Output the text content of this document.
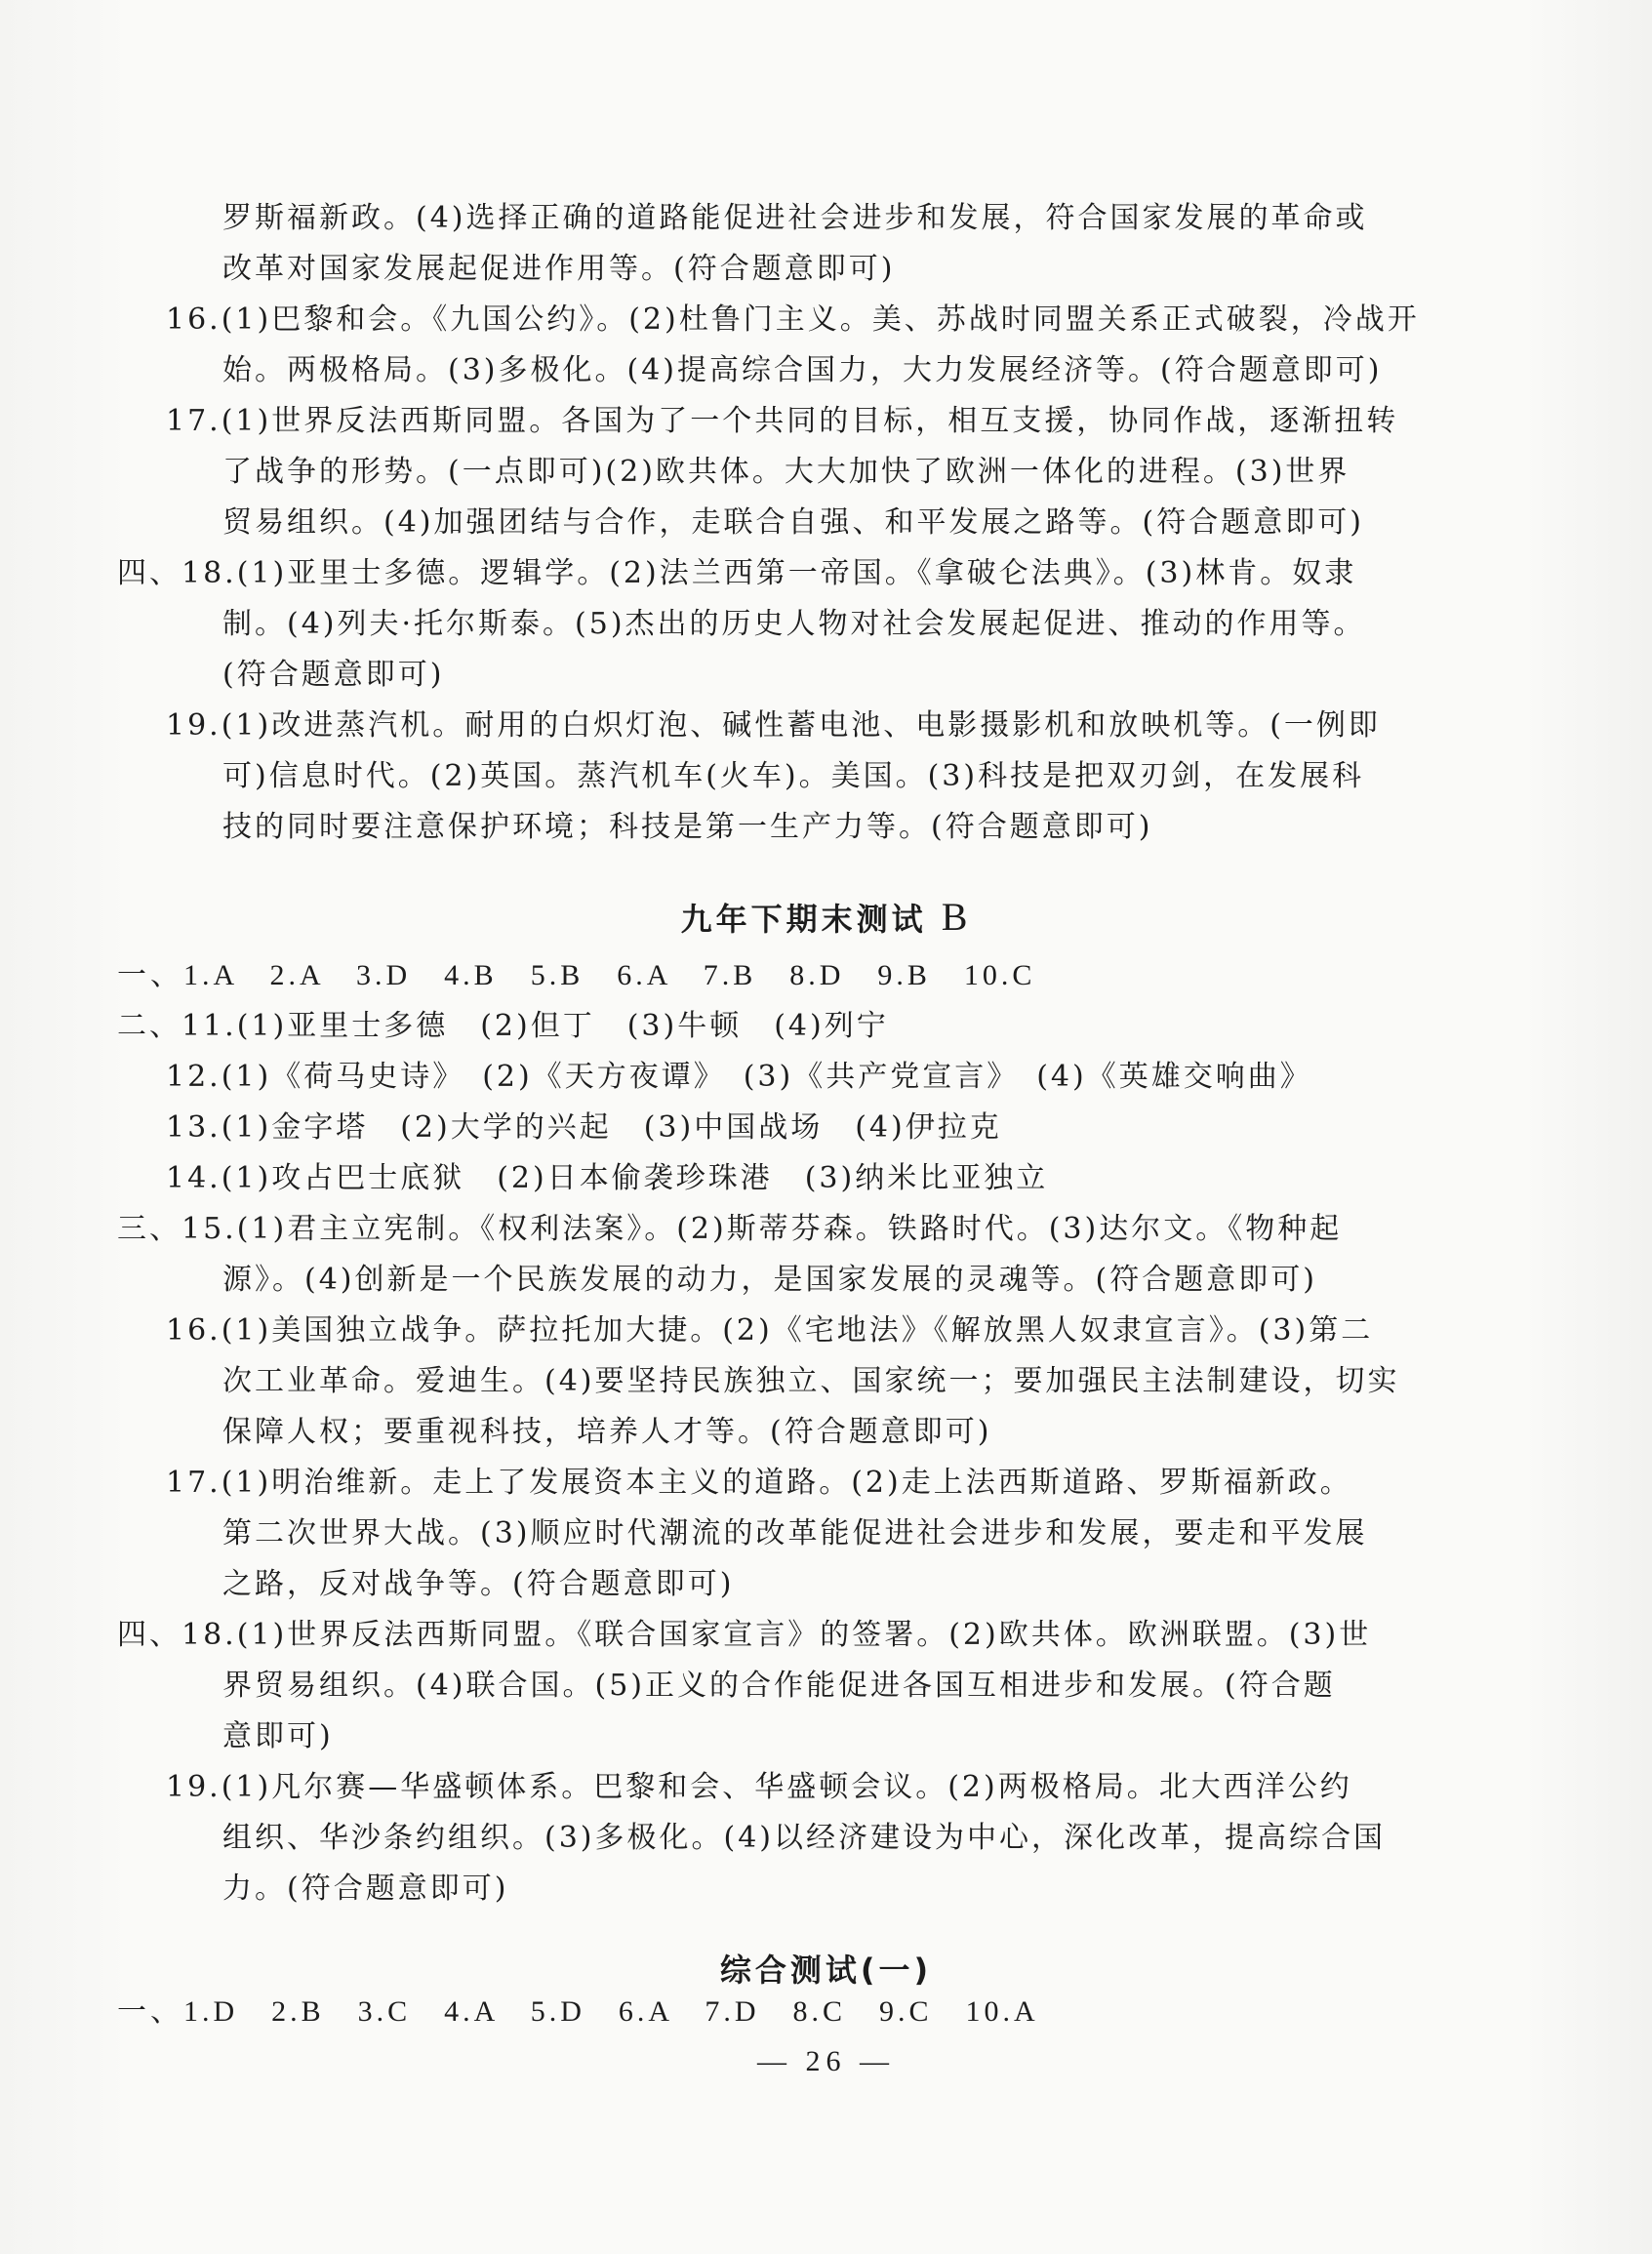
罗斯福新政。(4)选择正确的道路能促进社会进步和发展，符合国家发展的革命或
改革对国家发展起促进作用等。(符合题意即可)
16.(1)巴黎和会。《九国公约》。(2)杜鲁门主义。美、苏战时同盟关系正式破裂，冷战开
始。两极格局。(3)多极化。(4)提高综合国力，大力发展经济等。(符合题意即可)
17.(1)世界反法西斯同盟。各国为了一个共同的目标，相互支援，协同作战，逐渐扭转
了战争的形势。(一点即可)(2)欧共体。大大加快了欧洲一体化的进程。(3)世界
贸易组织。(4)加强团结与合作，走联合自强、和平发展之路等。(符合题意即可)
四、18.(1)亚里士多德。逻辑学。(2)法兰西第一帝国。《拿破仑法典》。(3)林肯。奴隶
制。(4)列夫·托尔斯泰。(5)杰出的历史人物对社会发展起促进、推动的作用等。
(符合题意即可)
19.(1)改进蒸汽机。耐用的白炽灯泡、碱性蓄电池、电影摄影机和放映机等。(一例即
可)信息时代。(2)英国。蒸汽机车(火车)。美国。(3)科技是把双刃剑，在发展科
技的同时要注意保护环境；科技是第一生产力等。(符合题意即可)
九年下期末测试 B
一、1.A　2.A　3.D　4.B　5.B　6.A　7.B　8.D　9.B　10.C
二、11.(1)亚里士多德　(2)但丁　(3)牛顿　(4)列宁
12.(1)《荷马史诗》　(2)《天方夜谭》　(3)《共产党宣言》　(4)《英雄交响曲》
13.(1)金字塔　(2)大学的兴起　(3)中国战场　(4)伊拉克
14.(1)攻占巴士底狱　(2)日本偷袭珍珠港　(3)纳米比亚独立
三、15.(1)君主立宪制。《权利法案》。(2)斯蒂芬森。铁路时代。(3)达尔文。《物种起
源》。(4)创新是一个民族发展的动力，是国家发展的灵魂等。(符合题意即可)
16.(1)美国独立战争。萨拉托加大捷。(2)《宅地法》《解放黑人奴隶宣言》。(3)第二
次工业革命。爱迪生。(4)要坚持民族独立、国家统一；要加强民主法制建设，切实
保障人权；要重视科技，培养人才等。(符合题意即可)
17.(1)明治维新。走上了发展资本主义的道路。(2)走上法西斯道路、罗斯福新政。
第二次世界大战。(3)顺应时代潮流的改革能促进社会进步和发展，要走和平发展
之路，反对战争等。(符合题意即可)
四、18.(1)世界反法西斯同盟。《联合国家宣言》的签署。(2)欧共体。欧洲联盟。(3)世
界贸易组织。(4)联合国。(5)正义的合作能促进各国互相进步和发展。(符合题
意即可)
19.(1)凡尔赛—华盛顿体系。巴黎和会、华盛顿会议。(2)两极格局。北大西洋公约
组织、华沙条约组织。(3)多极化。(4)以经济建设为中心，深化改革，提高综合国
力。(符合题意即可)
综合测试(一)
一、1.D　2.B　3.C　4.A　5.D　6.A　7.D　8.C　9.C　10.A
— 26 —
